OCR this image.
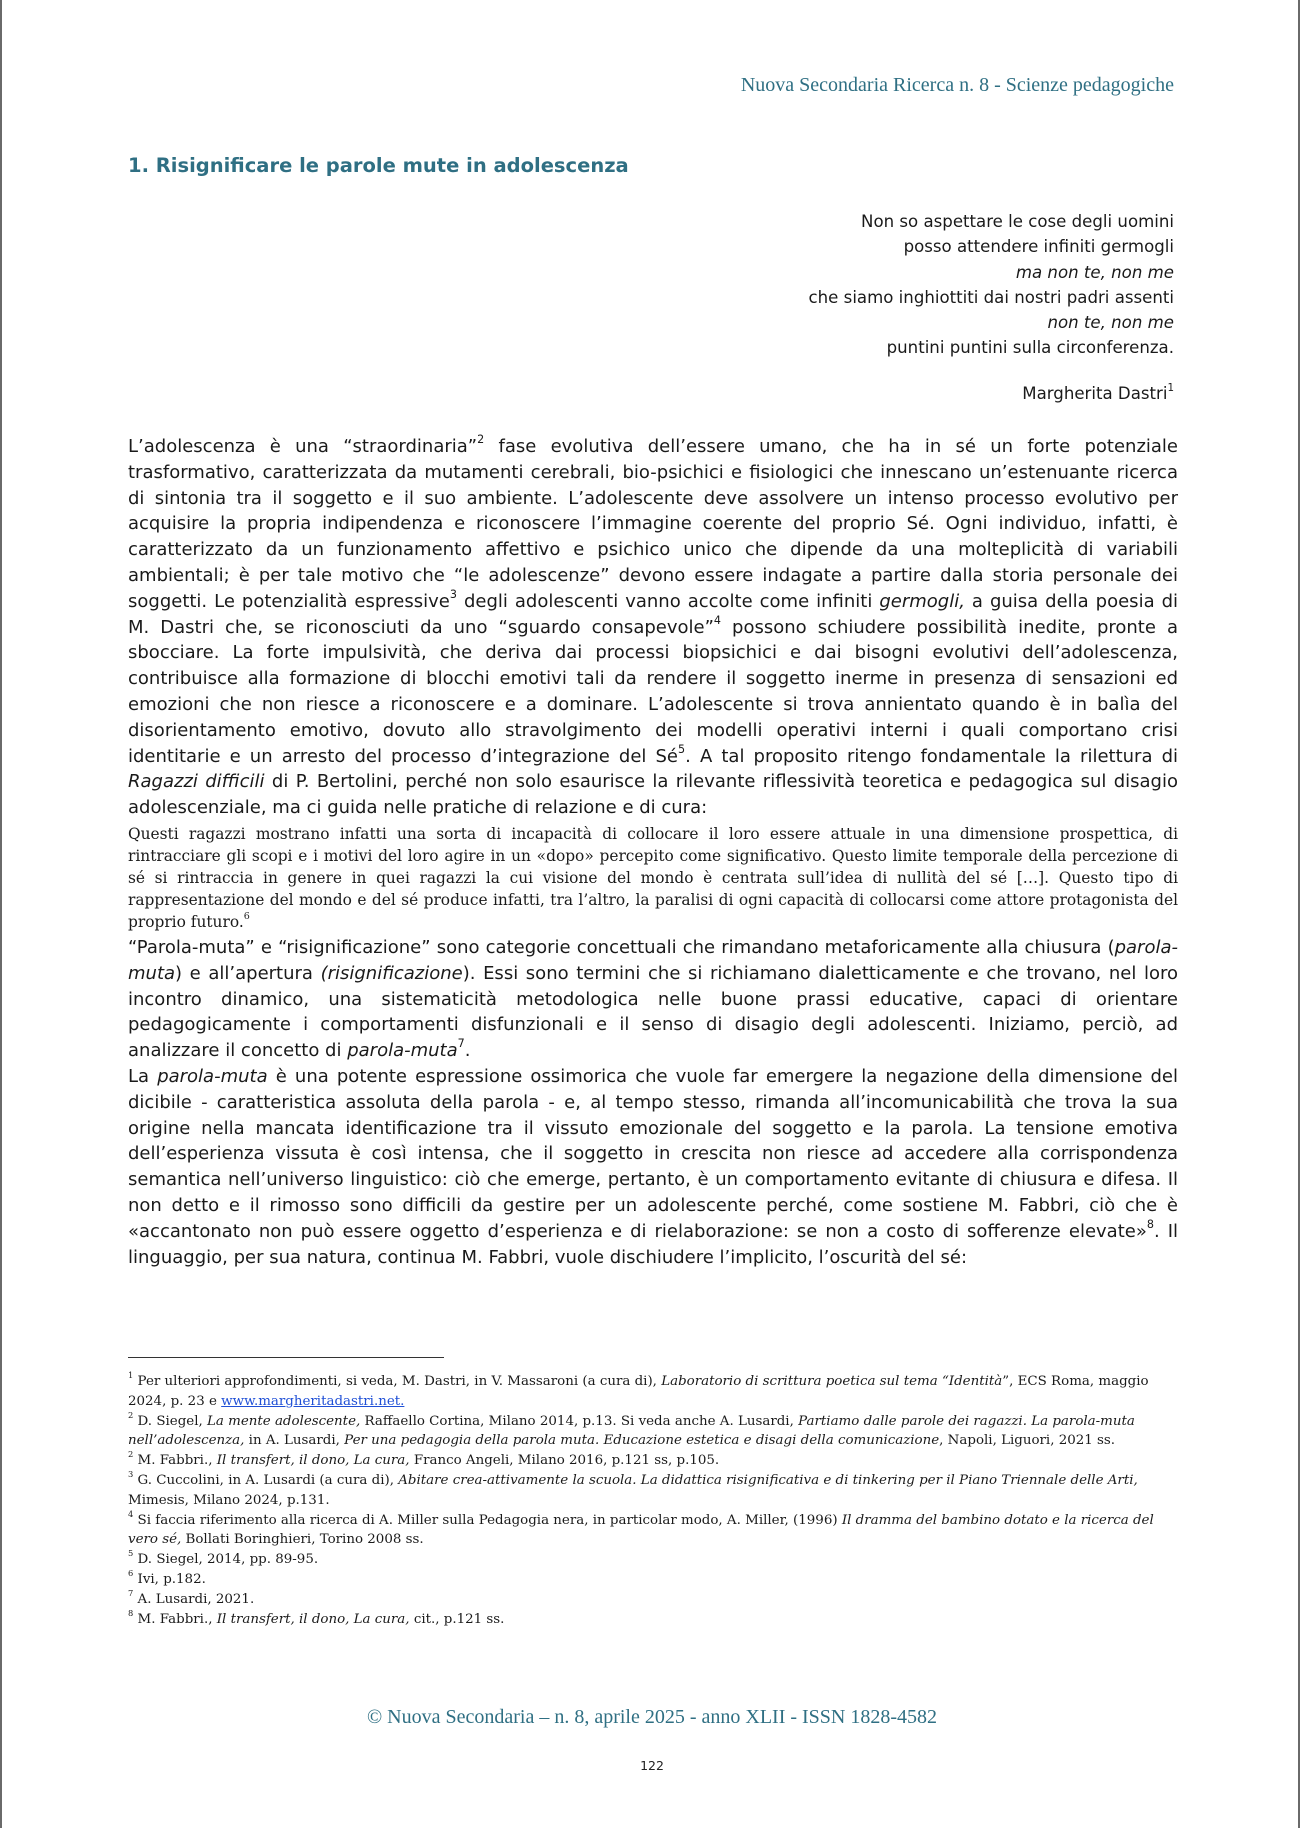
Nuova Secondaria Ricerca n. 8 - Scienze pedagogiche
1. Risignificare le parole mute in adolescenza
Non so aspettare le cose degli uomini
posso attendere infiniti germogli
ma non te, non me
che siamo inghiottiti dai nostri padri assenti
non te, non me
puntini puntini sulla circonferenza.
Margherita Dastri$^1$

L’adolescenza è una “straordinaria”$^2$ fase evolutiva dell’essere umano, che ha in sé un forte potenziale trasformativo, caratterizzata da mutamenti cerebrali, bio-psichici e fisiologici che innescano un’estenuante ricerca di sintonia tra il soggetto e il suo ambiente. L’adolescente deve assolvere un intenso processo evolutivo per acquisire la propria indipendenza e riconoscere l’immagine coerente del proprio Sé. Ogni individuo, infatti, è caratterizzato da un funzionamento affettivo e psichico unico che dipende da una molteplicità di variabili ambientali; è per tale motivo che “le adolescenze” devono essere indagate a partire dalla storia personale dei soggetti. Le potenzialità espressive$^3$ degli adolescenti vanno accolte come infiniti germogli, a guisa della poesia di M. Dastri che, se riconosciuti da uno “sguardo consapevole”$^4$ possono schiudere possibilità inedite, pronte a sbocciare. La forte impulsività, che deriva dai processi biopsichici e dai bisogni evolutivi dell’adolescenza, contribuisce alla formazione di blocchi emotivi tali da rendere il soggetto inerme in presenza di sensazioni ed emozioni che non riesce a riconoscere e a dominare. L’adolescente si trova annientato quando è in balìa del disorientamento emotivo, dovuto allo stravolgimento dei modelli operativi interni i quali comportano crisi identitarie e un arresto del processo d’integrazione del $Sé^5$. A tal proposito ritengo fondamentale la rilettura di Ragazzi difficili di P. Bertolini, perché non solo esaurisce la rilevante riflessività teoretica e pedagogica sul disagio adolescenziale, ma ci guida nelle pratiche di relazione e di cura:

Questi ragazzi mostrano infatti una sorta di incapacità di collocare il loro essere attuale in una dimensione prospettica, di rintracciare gli scopi e i motivi del loro agire in un «dopo» percepito come significativo. Questo limite temporale della percezione di sé si rintraccia in genere in quei ragazzi la cui visione del mondo è centrata sull’idea di nullità del sé […]. Questo tipo di rappresentazione del mondo e del sé produce infatti, tra l’altro, la paralisi di ogni capacità di collocarsi come attore protagonista del proprio futuro.$^6$

“Parola-muta” e “risignificazione” sono categorie concettuali che rimandano metaforicamente alla chiusura (parola-muta) e all’apertura (risignificazione). Essi sono termini che si richiamano dialetticamente e che trovano, nel loro incontro dinamico, una sistematicità metodologica nelle buone prassi educative, capaci di orientare pedagogicamente i comportamenti disfunzionali e il senso di disagio degli adolescenti. Iniziamo, perciò, ad analizzare il concetto di parola-muta$^7$.

La parola-muta è una potente espressione ossimorica che vuole far emergere la negazione della dimensione del dicibile - caratteristica assoluta della parola - e, al tempo stesso, rimanda all’incomunicabilità che trova la sua origine nella mancata identificazione tra il vissuto emozionale del soggetto e la parola. La tensione emotiva dell’esperienza vissuta è così intensa, che il soggetto in crescita non riesce ad accedere alla corrispondenza semantica nell’universo linguistico: ciò che emerge, pertanto, è un comportamento evitante di chiusura e difesa. Il non detto e il rimosso sono difficili da gestire per un adolescente perché, come sostiene M. Fabbri, ciò che è «accantonato non può essere oggetto d’esperienza e di rielaborazione: se non a costo di sofferenze elevate»$^8$. Il linguaggio, per sua natura, continua M. Fabbri, vuole dischiudere l’implicito, l’oscurità del sé:

$^1$ Per ulteriori approfondimenti, si veda, M. Dastri, in V. Massaroni (a cura di), Laboratorio di scrittura poetica sul tema “Identità”, ECS Roma, maggio 2024, p. 23 e www.margheritadastri.net.

$^2$ D. Siegel, La mente adolescente, Raffaello Cortina, Milano 2014, p.13. Si veda anche A. Lusardi, Partiamo dalle parole dei ragazzi. La parola-muta nell’adolescenza, in A. Lusardi, Per una pedagogia della parola muta. Educazione estetica e disagi della comunicazione, Napoli, Liguori, 2021 ss.

$^2$ M. Fabbri., Il transfert, il dono, La cura, Franco Angeli, Milano 2016, p.121 ss, p.105.

$^3$ G. Cuccolini, in A. Lusardi (a cura di), Abitare crea-attivamente la scuola. La didattica risignificativa e di tinkering per il Piano Triennale delle Arti, Mimesis, Milano 2024, p.131.

$^4$ Si faccia riferimento alla ricerca di A. Miller sulla Pedagogia nera, in particolar modo, A. Miller, (1996) Il dramma del bambino dotato e la ricerca del vero sé, Bollati Boringhieri, Torino 2008 ss.

$^5$ D. Siegel, 2014, pp. 89-95.

$^6$ Ivi, p.182.

$^7$ A. Lusardi, 2021.

$^8$ M. Fabbri., Il transfert, il dono, La cura, cit., p.121 ss.

© Nuova Secondaria – n. 8, aprile 2025 - anno XLII - ISSN 1828-4582
122
